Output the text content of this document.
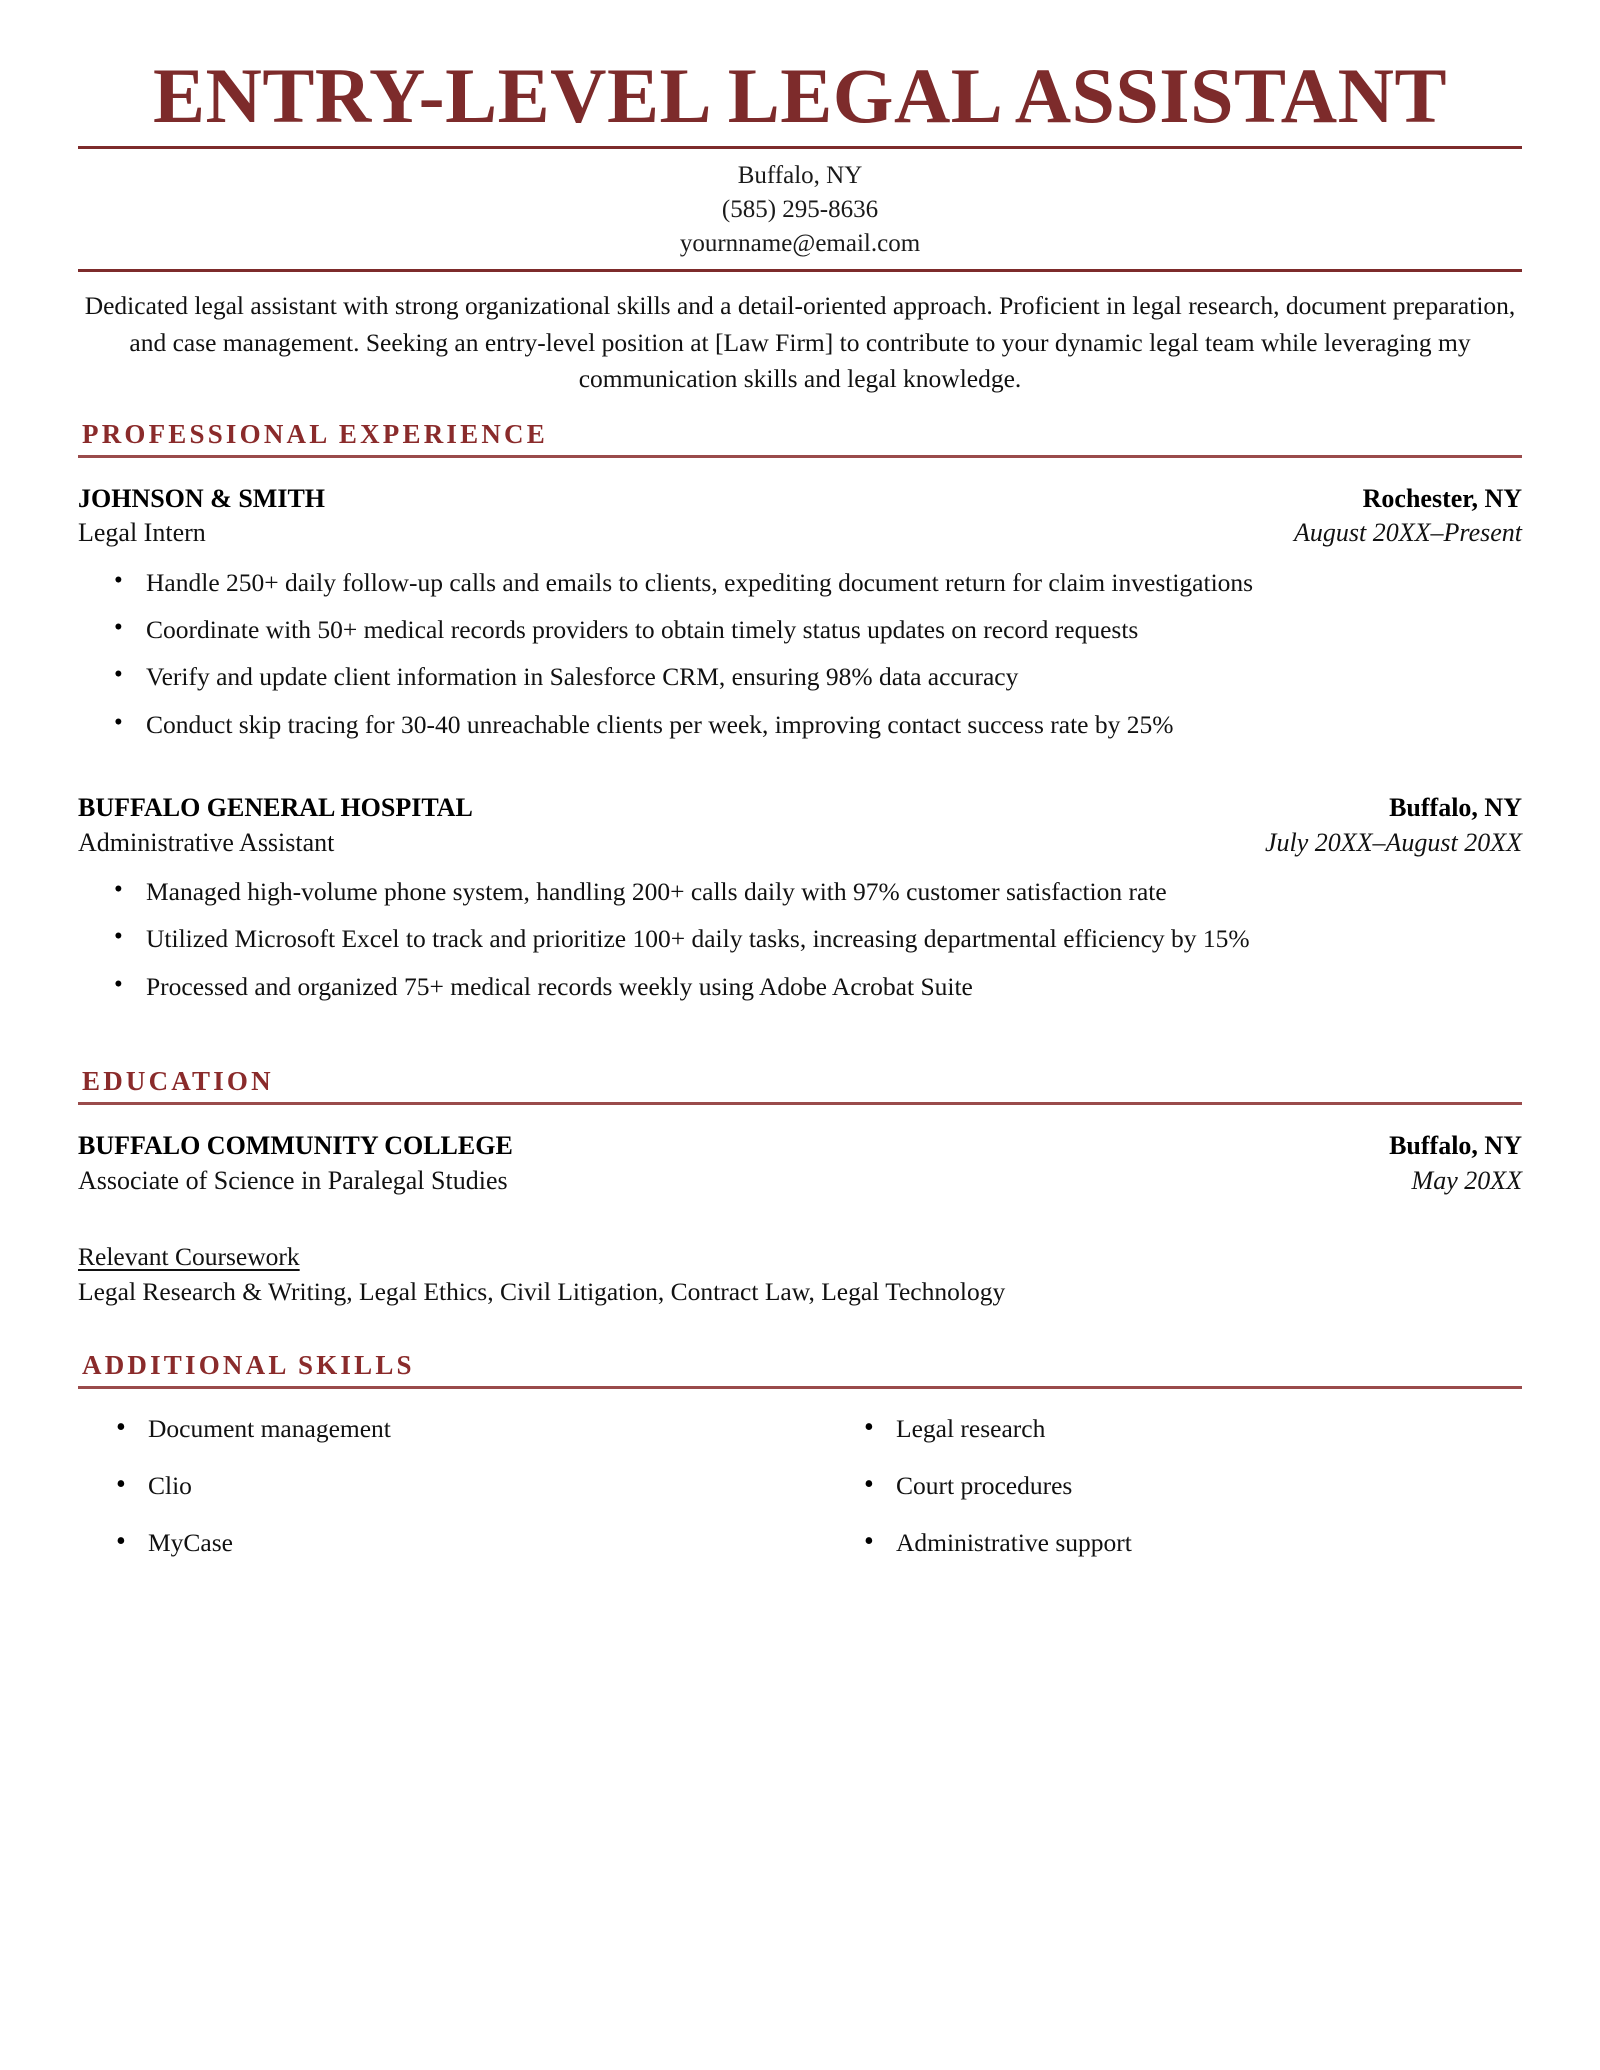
ENTRY-LEVEL LEGAL ASSISTANT
Buffalo, NY
(585) 295-8636
yournname@email.com
Dedicated legal assistant with strong organizational skills and a detail-oriented approach. Proficient in legal research, document preparation, and case management. Seeking an entry-level position at [Law Firm] to contribute to your dynamic legal team while leveraging my communication skills and legal knowledge.
PROFESSIONAL EXPERIENCE
JOHNSON & SMITH	Rochester, NY
Legal Intern	August 20XX–Present
• Handle 250+ daily follow-up calls and emails to clients, expediting document return for claim investigations
• Coordinate with 50+ medical records providers to obtain timely status updates on record requests
• Verify and update client information in Salesforce CRM, ensuring 98% data accuracy
• Conduct skip tracing for 30-40 unreachable clients per week, improving contact success rate by 25%
BUFFALO GENERAL HOSPITAL	Buffalo, NY
Administrative Assistant	July 20XX–August 20XX
• Managed high-volume phone system, handling 200+ calls daily with 97% customer satisfaction rate
• Utilized Microsoft Excel to track and prioritize 100+ daily tasks, increasing departmental efficiency by 15%
• Processed and organized 75+ medical records weekly using Adobe Acrobat Suite
EDUCATION
BUFFALO COMMUNITY COLLEGE	Buffalo, NY
Associate of Science in Paralegal Studies	May 20XX
Relevant Coursework
Legal Research & Writing, Legal Ethics, Civil Litigation, Contract Law, Legal Technology
ADDITIONAL SKILLS
• Document management
• Clio
• MyCase
• Legal research
• Court procedures
• Administrative support
